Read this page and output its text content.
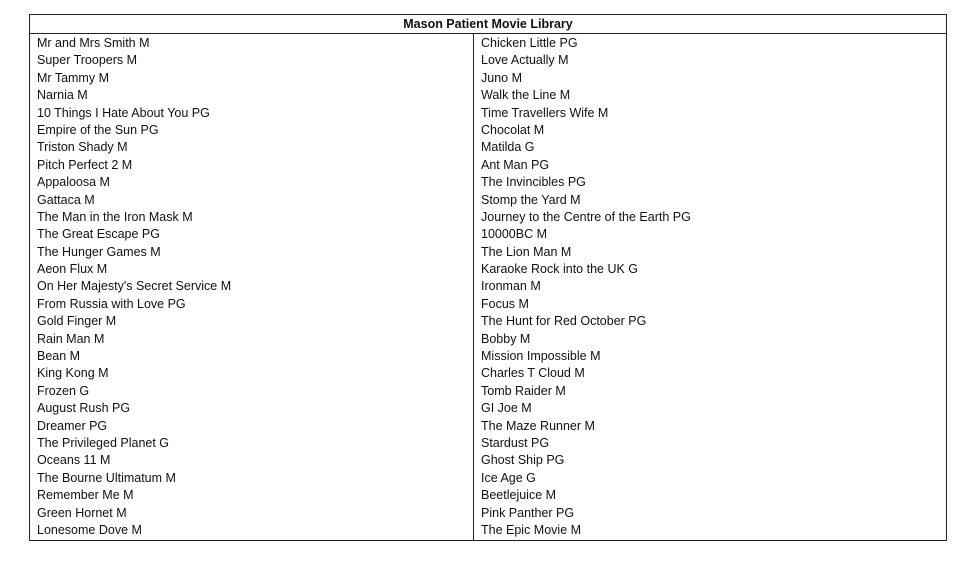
Mason Patient Movie Library
Mr and Mrs Smith M
Super Troopers M
Mr Tammy M
Narnia M
10 Things I Hate About You PG
Empire of the Sun PG
Triston Shady M
Pitch Perfect 2 M
Appaloosa M
Gattaca M
The Man in the Iron Mask M
The Great Escape PG
The Hunger Games M
Aeon Flux M
On Her Majesty's Secret Service M
From Russia with Love PG
Gold Finger M
Rain Man M
Bean M
King Kong M
Frozen G
August Rush PG
Dreamer PG
The Privileged Planet G
Oceans 11 M
The Bourne Ultimatum M
Remember Me M
Green Hornet M
Lonesome Dove M
Chicken Little PG
Love Actually M
Juno M
Walk the Line M
Time Travellers Wife M
Chocolat M
Matilda G
Ant Man PG
The Invincibles PG
Stomp the Yard M
Journey to the Centre of the Earth PG
10000BC M
The Lion Man M
Karaoke Rock into the UK G
Ironman M
Focus M
The Hunt for Red October PG
Bobby M
Mission Impossible M
Charles T Cloud M
Tomb Raider M
GI Joe M
The Maze Runner M
Stardust PG
Ghost Ship PG
Ice Age G
Beetlejuice M
Pink Panther PG
The Epic Movie M
